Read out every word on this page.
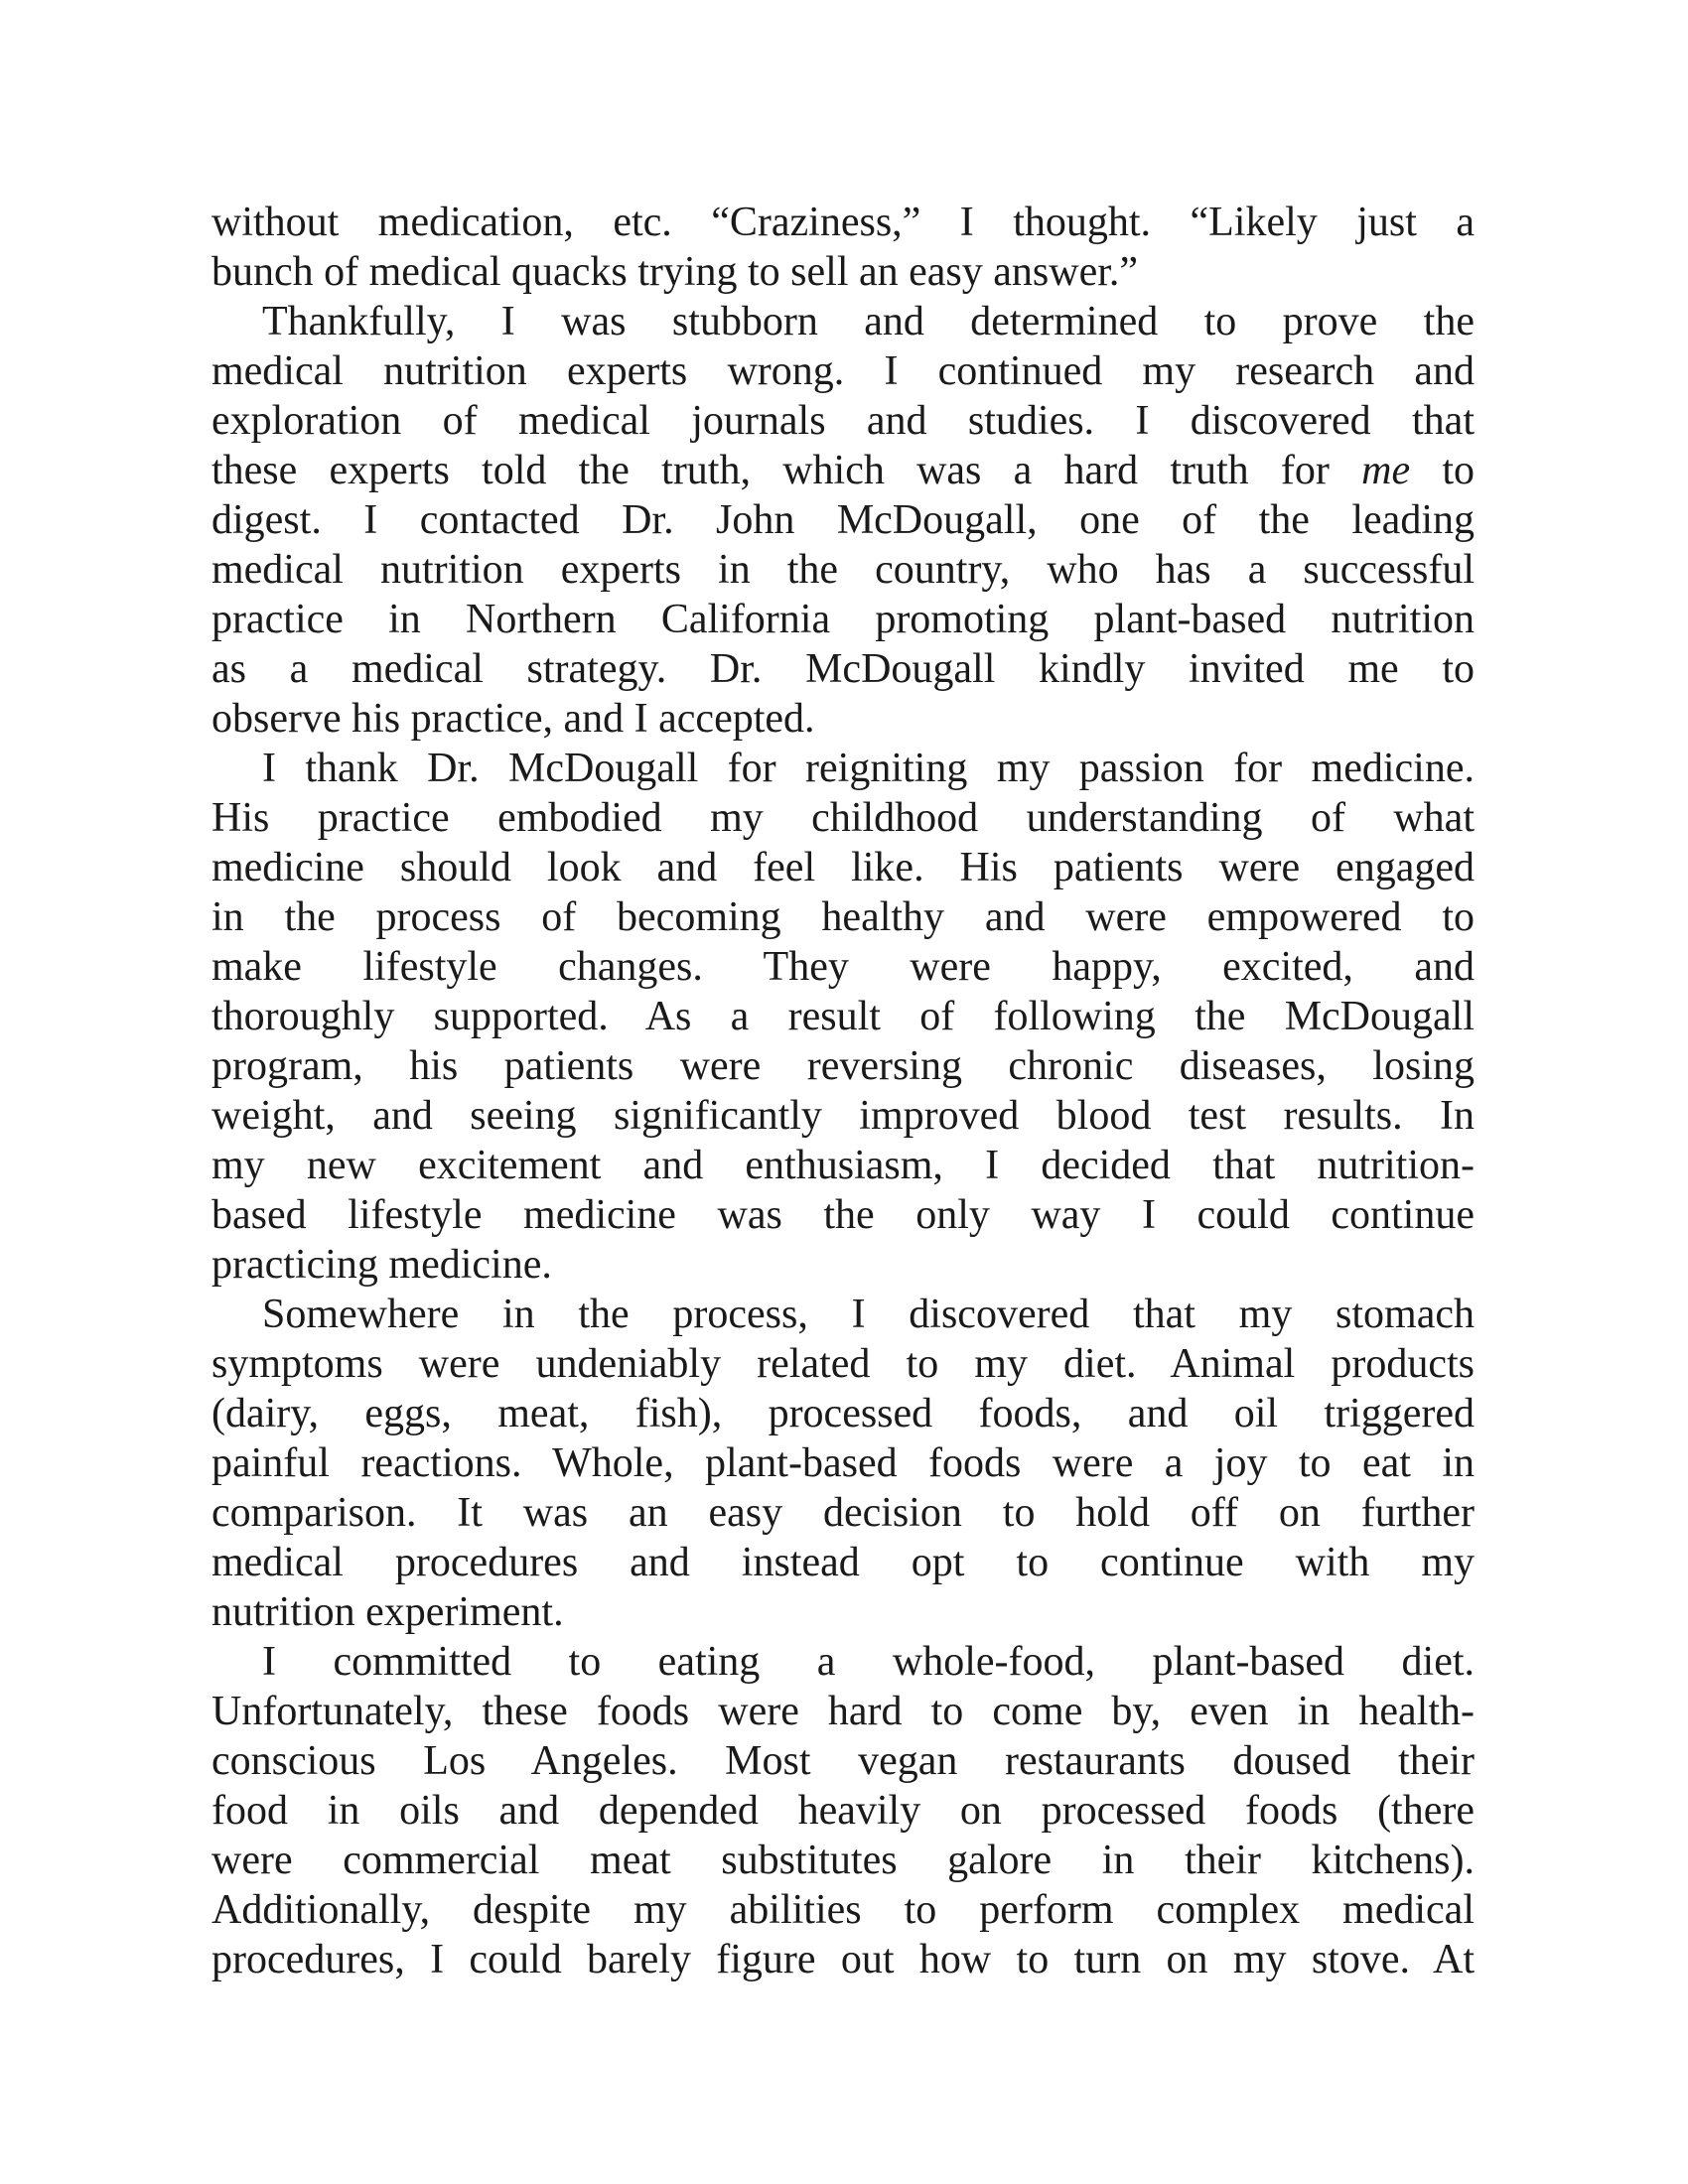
without medication, etc. “Craziness,” I thought. “Likely just a
bunch of medical quacks trying to sell an easy answer.”
Thankfully, I was stubborn and determined to prove the
medical nutrition experts wrong. I continued my research and
exploration of medical journals and studies. I discovered that
these experts told the truth, which was a hard truth for me to
digest. I contacted Dr. John McDougall, one of the leading
medical nutrition experts in the country, who has a successful
practice in Northern California promoting plant-based nutrition
as a medical strategy. Dr. McDougall kindly invited me to
observe his practice, and I accepted.
I thank Dr. McDougall for reigniting my passion for medicine.
His practice embodied my childhood understanding of what
medicine should look and feel like. His patients were engaged
in the process of becoming healthy and were empowered to
make lifestyle changes. They were happy, excited, and
thoroughly supported. As a result of following the McDougall
program, his patients were reversing chronic diseases, losing
weight, and seeing significantly improved blood test results. In
my new excitement and enthusiasm, I decided that nutrition-
based lifestyle medicine was the only way I could continue
practicing medicine.
Somewhere in the process, I discovered that my stomach
symptoms were undeniably related to my diet. Animal products
(dairy, eggs, meat, fish), processed foods, and oil triggered
painful reactions. Whole, plant-based foods were a joy to eat in
comparison. It was an easy decision to hold off on further
medical procedures and instead opt to continue with my
nutrition experiment.
I committed to eating a whole-food, plant-based diet.
Unfortunately, these foods were hard to come by, even in health-
conscious Los Angeles. Most vegan restaurants doused their
food in oils and depended heavily on processed foods (there
were commercial meat substitutes galore in their kitchens).
Additionally, despite my abilities to perform complex medical
procedures, I could barely figure out how to turn on my stove. At
